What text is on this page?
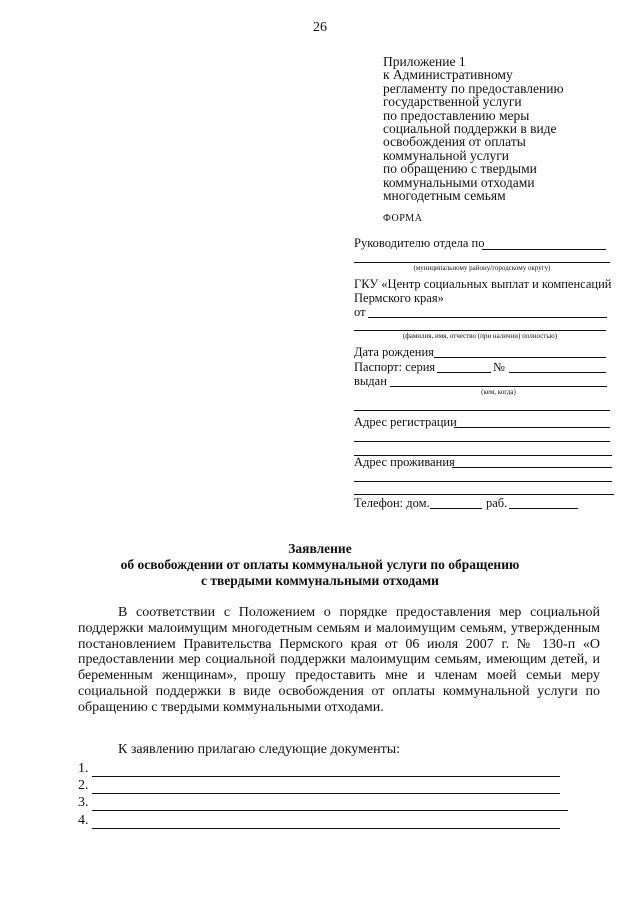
26
Приложение 1
к Административному
регламенту по предоставлению
государственной услуги
по предоставлению меры
социальной поддержки в виде
освобождения от оплаты
коммунальной услуги
по обращению с твердыми
коммунальными отходами
многодетным семьям
ФОРМА
Руководителю отдела по
(муниципальному району/городскому округу)
ГКУ «Центр социальных выплат и компенсаций
Пермского края»
от
(фамилия, имя, отчество (при наличии) полностью)
Дата рождения
Паспорт: серия	№
выдан
(кем, когда)
Адрес регистрации
Адрес проживания
Телефон: дом.	раб.
Заявление
об освобождении от оплаты коммунальной услуги по обращению
с твердыми коммунальными отходами
В соответствии с Положением о порядке предоставления мер социальной поддержки малоимущим многодетным семьям и малоимущим семьям, утвержденным постановлением Правительства Пермского края от 06 июля 2007 г. № 130-п «О предоставлении мер социальной поддержки малоимущим семьям, имеющим детей, и беременным женщинам», прошу предоставить мне и членам моей семьи меру социальной поддержки в виде освобождения от оплаты коммунальной услуги по обращению с твердыми коммунальными отходами.
К заявлению прилагаю следующие документы:
1.
2.
3.
4.
